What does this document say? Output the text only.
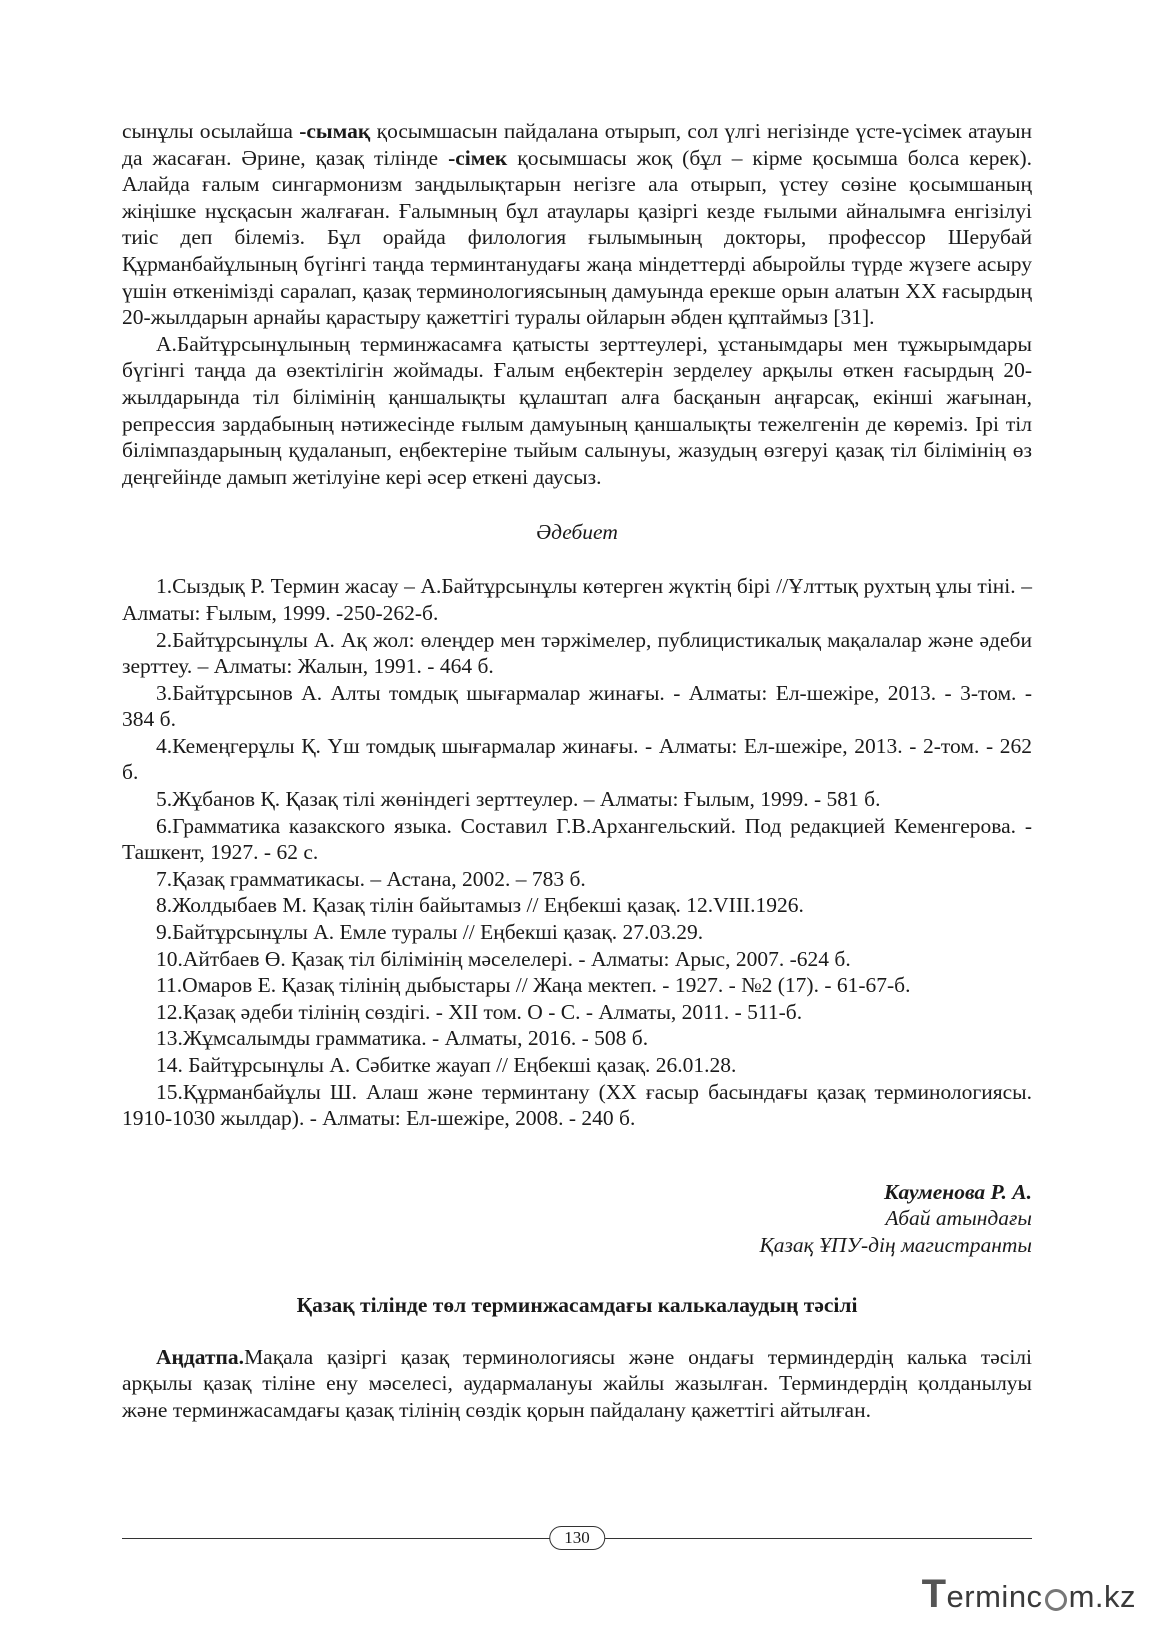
сынұлы осылайша -сымақ қосымшасын пайдалана отырып, сол үлгі негізінде үсте-үсімек атауын да жасаған. Әрине, қазақ тілінде -сімек қосымшасы жоқ (бұл – кірме қосымша болса керек). Алайда ғалым сингармонизм заңдылықтарын негізге ала отырып, үстеу сөзіне қосымшаның жіңішке нұсқасын жалғаған. Ғалымның бұл атаулары қазіргі кезде ғылыми айналымға енгізілуі тиіс деп білеміз. Бұл орайда филология ғылымының докторы, профессор Шерубай Құрманбайұлының бүгінгі таңда терминтанудағы жаңа міндеттерді абыройлы түрде жүзеге асыру үшін өткенімізді саралап, қазақ терминологиясының дамуында ерекше орын алатын ХХ ғасырдың 20-жылдарын арнайы қарастыру қажеттігі туралы ойларын әбден құптаймыз [31].

А.Байтұрсынұлының терминжасамға қатысты зерттеулері, ұстанымдары мен тұжырымдары бүгінгі таңда да өзектілігін жоймады. Ғалым еңбектерін зерделеу арқылы өткен ғасырдың 20-жылдарында тіл білімінің қаншалықты құлаштап алға басқанын аңғарсақ, екінші жағынан, репрессия зардабының нәтижесінде ғылым дамуының қаншалықты тежелгенін де көреміз. Ірі тіл білімпаздарының қудаланып, еңбектеріне тыйым салынуы, жазудың өзгеруі қазақ тіл білімінің өз деңгейінде дамып жетілуіне кері әсер еткені даусыз.

Әдебиет

1.Сыздық Р. Термин жасау – А.Байтұрсынұлы көтерген жүктің бірі //Ұлттық рухтың ұлы тіні. –Алматы: Ғылым, 1999. -250-262-б.

2.Байтұрсынұлы А. Ақ жол: өлеңдер мен тәржімелер, публицистикалық мақалалар және әдеби зерттеу. – Алматы: Жалын, 1991. - 464 б.

3.Байтұрсынов А. Алты томдық шығармалар жинағы. - Алматы: Ел-шежіре, 2013. - 3-том. - 384 б.

4.Кемеңгерұлы Қ. Үш томдық шығармалар жинағы. - Алматы: Ел-шежіре, 2013. - 2-том. - 262 б.

5.Жұбанов Қ. Қазақ тілі жөніндегі зерттеулер. – Алматы: Ғылым, 1999. - 581 б.

6.Грамматика казакского языка. Составил Г.В.Архангельский. Под редакцией Кеменгерова. - Ташкент, 1927. - 62 с.

7.Қазақ грамматикасы. – Астана, 2002. – 783 б.

8.Жолдыбаев М. Қазақ тілін байытамыз // Еңбекші қазақ. 12.VIII.1926.

9.Байтұрсынұлы А. Емле туралы // Еңбекші қазақ. 27.03.29.

10.Айтбаев Ө. Қазақ тіл білімінің мәселелері. - Алматы: Арыс, 2007. -624 б.

11.Омаров Е. Қазақ тілінің дыбыстары // Жаңа мектеп. - 1927. - №2 (17). - 61-67-б.

12.Қазақ әдеби тілінің сөздігі. - XII том. О - С. - Алматы, 2011. - 511-б.

13.Жұмсалымды грамматика. - Алматы, 2016. - 508 б.

14. Байтұрсынұлы А. Сәбитке жауап // Еңбекші қазақ. 26.01.28.

15.Құрманбайұлы Ш. Алаш және терминтану (ХХ ғасыр басындағы қазақ терминологиясы. 1910-1030 жылдар). - Алматы: Ел-шежіре, 2008. - 240 б.

Кауменова Р. А.
Абай атындағы
Қазақ ҰПУ-дің магистранты
Қазақ тілінде төл терминжасамдағы калькалаудың тәсілі

Аңдатпа.Мақала қазіргі қазақ терминологиясы және ондағы терминдердің калька тәсілі арқылы қазақ тіліне ену мәселесі, аудармалануы жайлы жазылған. Терминдердің қолданылуы және терминжасамдағы қазақ тілінің сөздік қорын пайдалану қажеттігі айтылған.

130
Terminc m.kz
